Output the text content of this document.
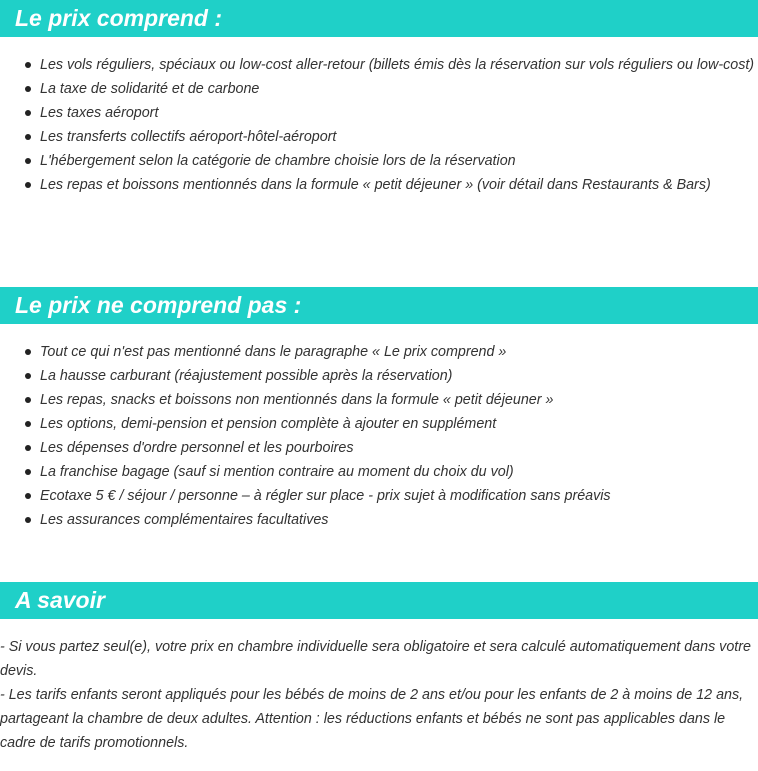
Le prix comprend :
Les vols réguliers, spéciaux ou low-cost aller-retour (billets émis dès la réservation sur vols réguliers ou low-cost)
La taxe de solidarité et de carbone
Les taxes aéroport
Les transferts collectifs aéroport-hôtel-aéroport
L'hébergement selon la catégorie de chambre choisie lors de la réservation
Les repas et boissons mentionnés dans la formule « petit déjeuner » (voir détail dans Restaurants & Bars)
Le prix ne comprend pas :
Tout ce qui n'est pas mentionné dans le paragraphe « Le prix comprend »
La hausse carburant (réajustement possible après la réservation)
Les repas, snacks et boissons non mentionnés dans la formule « petit déjeuner »
Les options, demi-pension et pension complète à ajouter en supplément
Les dépenses d'ordre personnel et les pourboires
La franchise bagage (sauf si mention contraire au moment du choix du vol)
Ecotaxe 5 € / séjour / personne – à régler sur place - prix sujet à modification sans préavis
Les assurances complémentaires facultatives
A savoir

- Si vous partez seul(e), votre prix en chambre individuelle sera obligatoire et sera calculé automatiquement dans votre devis.

- Les tarifs enfants seront appliqués pour les bébés de moins de 2 ans et/ou pour les enfants de 2 à moins de 12 ans, partageant la chambre de deux adultes. Attention : les réductions enfants et bébés ne sont pas applicables dans le cadre de tarifs promotionnels.
